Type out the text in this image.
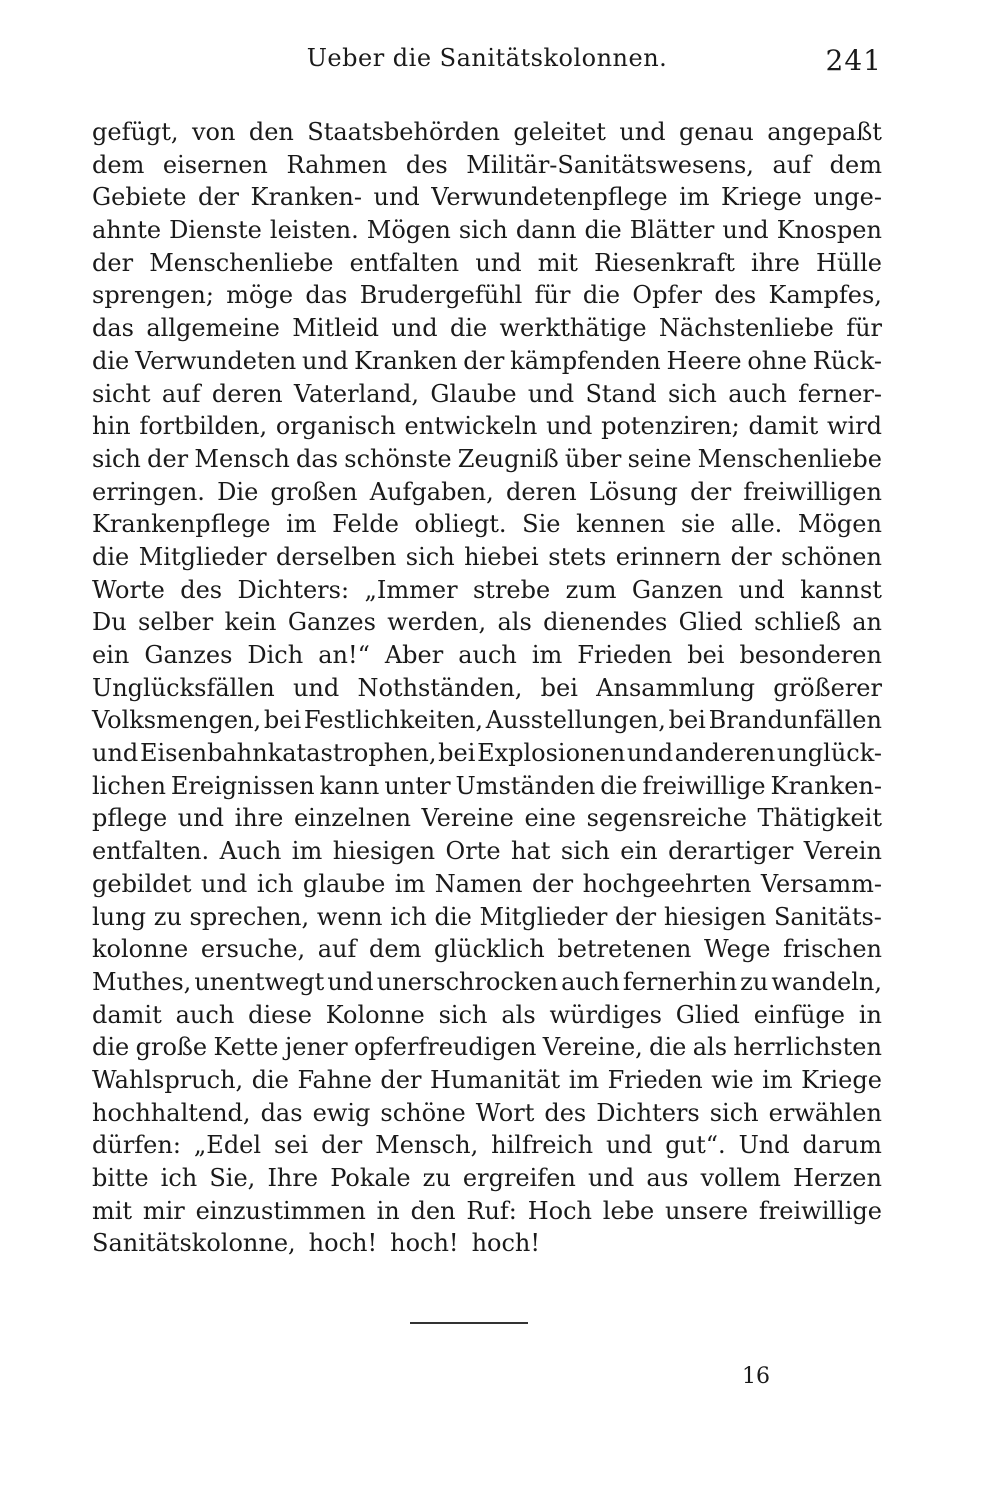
Ueber die Sanitätskolonnen.	241
gefügt, von den Staatsbehörden geleitet und genau angepaßt
dem eisernen Rahmen des Militär-Sanitätswesens, auf dem
Gebiete der Kranken- und Verwundetenpflege im Kriege unge-
ahnte Dienste leisten. Mögen sich dann die Blätter und Knospen
der Menschenliebe entfalten und mit Riesenkraft ihre Hülle
sprengen; möge das Brudergefühl für die Opfer des Kampfes,
das allgemeine Mitleid und die werkthätige Nächstenliebe für
die Verwundeten und Kranken der kämpfenden Heere ohne Rück-
sicht auf deren Vaterland, Glaube und Stand sich auch ferner-
hin fortbilden, organisch entwickeln und potenziren; damit wird
sich der Mensch das schönste Zeugniß über seine Menschenliebe
erringen. Die großen Aufgaben, deren Lösung der freiwilligen
Krankenpflege im Felde obliegt. Sie kennen sie alle. Mögen
die Mitglieder derselben sich hiebei stets erinnern der schönen
Worte des Dichters: „Immer strebe zum Ganzen und kannst
Du selber kein Ganzes werden, als dienendes Glied schließ an
ein Ganzes Dich an!“ Aber auch im Frieden bei besonderen
Unglücksfällen und Nothständen, bei Ansammlung größerer
Volksmengen, bei Festlichkeiten, Ausstellungen, bei Brandunfällen
und Eisenbahnkatastrophen, bei Explosionen und anderen unglück-
lichen Ereignissen kann unter Umständen die freiwillige Kranken-
pflege und ihre einzelnen Vereine eine segensreiche Thätigkeit
entfalten. Auch im hiesigen Orte hat sich ein derartiger Verein
gebildet und ich glaube im Namen der hochgeehrten Versamm-
lung zu sprechen, wenn ich die Mitglieder der hiesigen Sanitäts-
kolonne ersuche, auf dem glücklich betretenen Wege frischen
Muthes, unentwegt und unerschrocken auch fernerhin zu wandeln,
damit auch diese Kolonne sich als würdiges Glied einfüge in
die große Kette jener opferfreudigen Vereine, die als herrlichsten
Wahlspruch, die Fahne der Humanität im Frieden wie im Kriege
hochhaltend, das ewig schöne Wort des Dichters sich erwählen
dürfen: „Edel sei der Mensch, hilfreich und gut“. Und darum
bitte ich Sie, Ihre Pokale zu ergreifen und aus vollem Herzen
mit mir einzustimmen in den Ruf: Hoch lebe unsere freiwillige
Sanitätskolonne, hoch! hoch! hoch!
16
